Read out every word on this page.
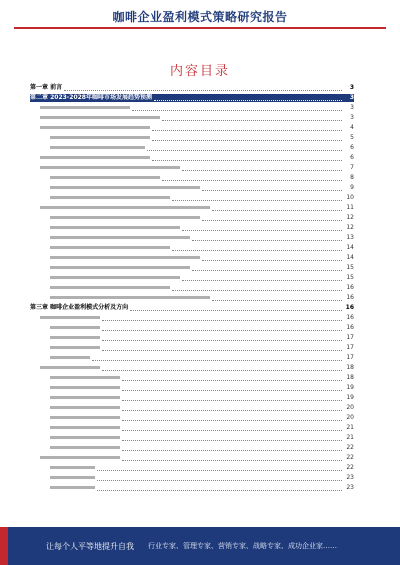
咖啡企业盈利模式策略研究报告
内容目录
第一章 前言	3
第二章 2023-2028年咖啡市场发展趋势预测	3
3
3
4
5
6
6
7
8
9
10
11
12
12
13
14
14
15
15
16
16
第三章 咖啡企业盈利模式分析及方向	16
16
16
17
17
17
18
18
19
19
20
20
21
21
22
22
22
23
23
让每个人平等地提升自我 行业专家、管理专家、营销专家、战略专家、成功企业家……
